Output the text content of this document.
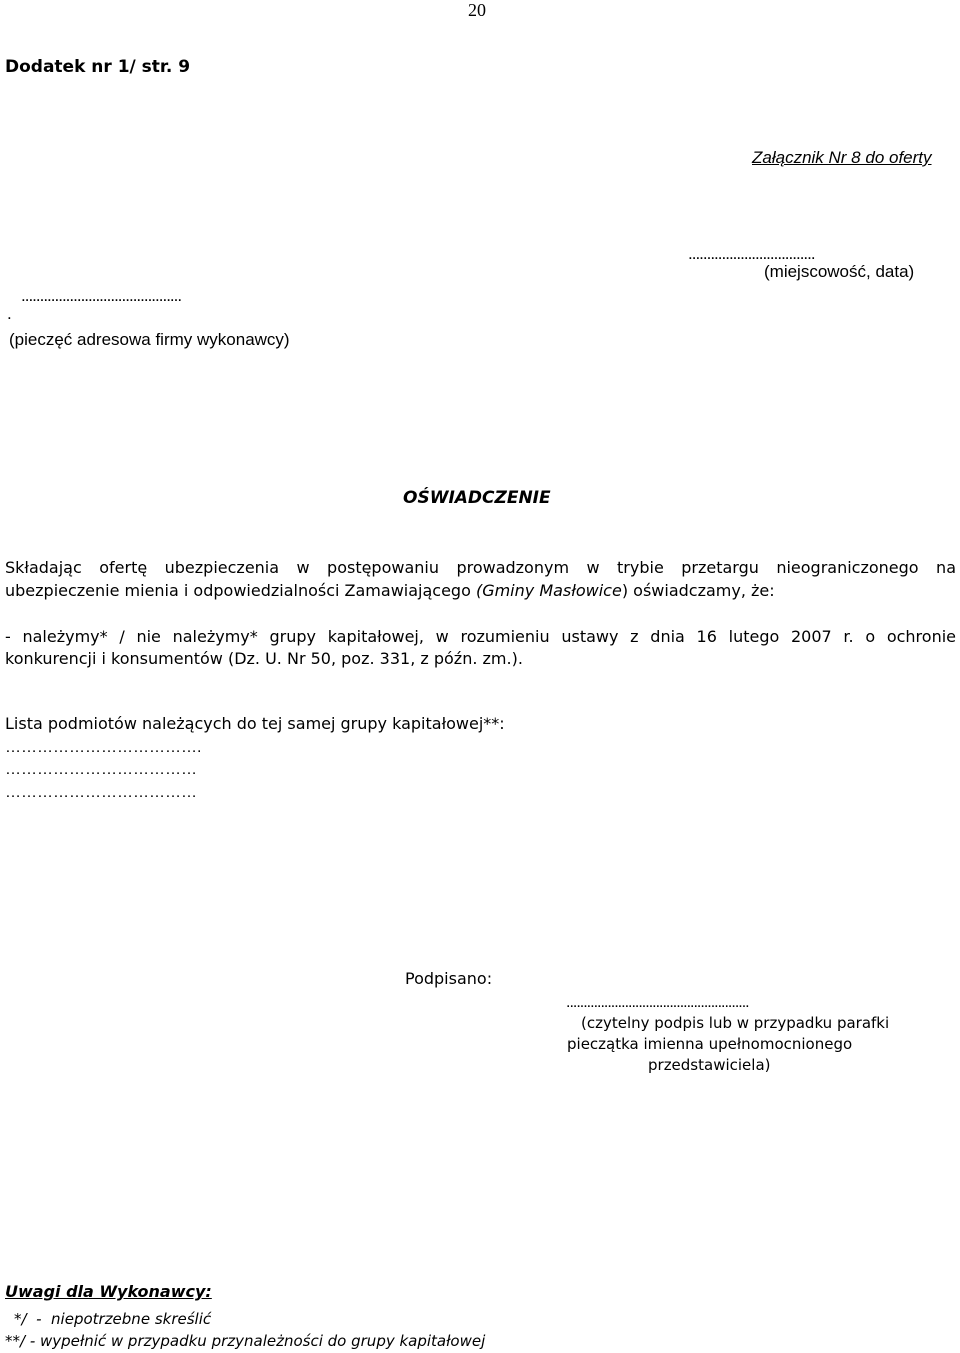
20
Dodatek nr 1/ str. 9
Załącznik Nr 8 do oferty
..................................
(miejscowość, data)
...........................................
.
(pieczęć adresowa firmy wykonawcy)
OŚWIADCZENIE
Składając ofertę ubezpieczenia w postępowaniu prowadzonym w trybie przetargu nieograniczonego na
ubezpieczenie mienia i odpowiedzialności Zamawiającego (Gminy Masłowice) oświadczamy, że:
- należymy* / nie należymy* grupy kapitałowej, w rozumieniu ustawy z dnia 16 lutego 2007 r. o ochronie
konkurencji i konsumentów (Dz. U. Nr 50, poz. 331, z późn. zm.).
Lista podmiotów należących do tej samej grupy kapitałowej**:
……………………………….
………………………………
………………………………
Podpisano:
.....................................................
(czytelny podpis lub w przypadku parafki
pieczątka imienna upełnomocnionego
przedstawiciela)
Uwagi dla Wykonawcy:
*/  -  niepotrzebne skreślić
**/ - wypełnić w przypadku przynależności do grupy kapitałowej
